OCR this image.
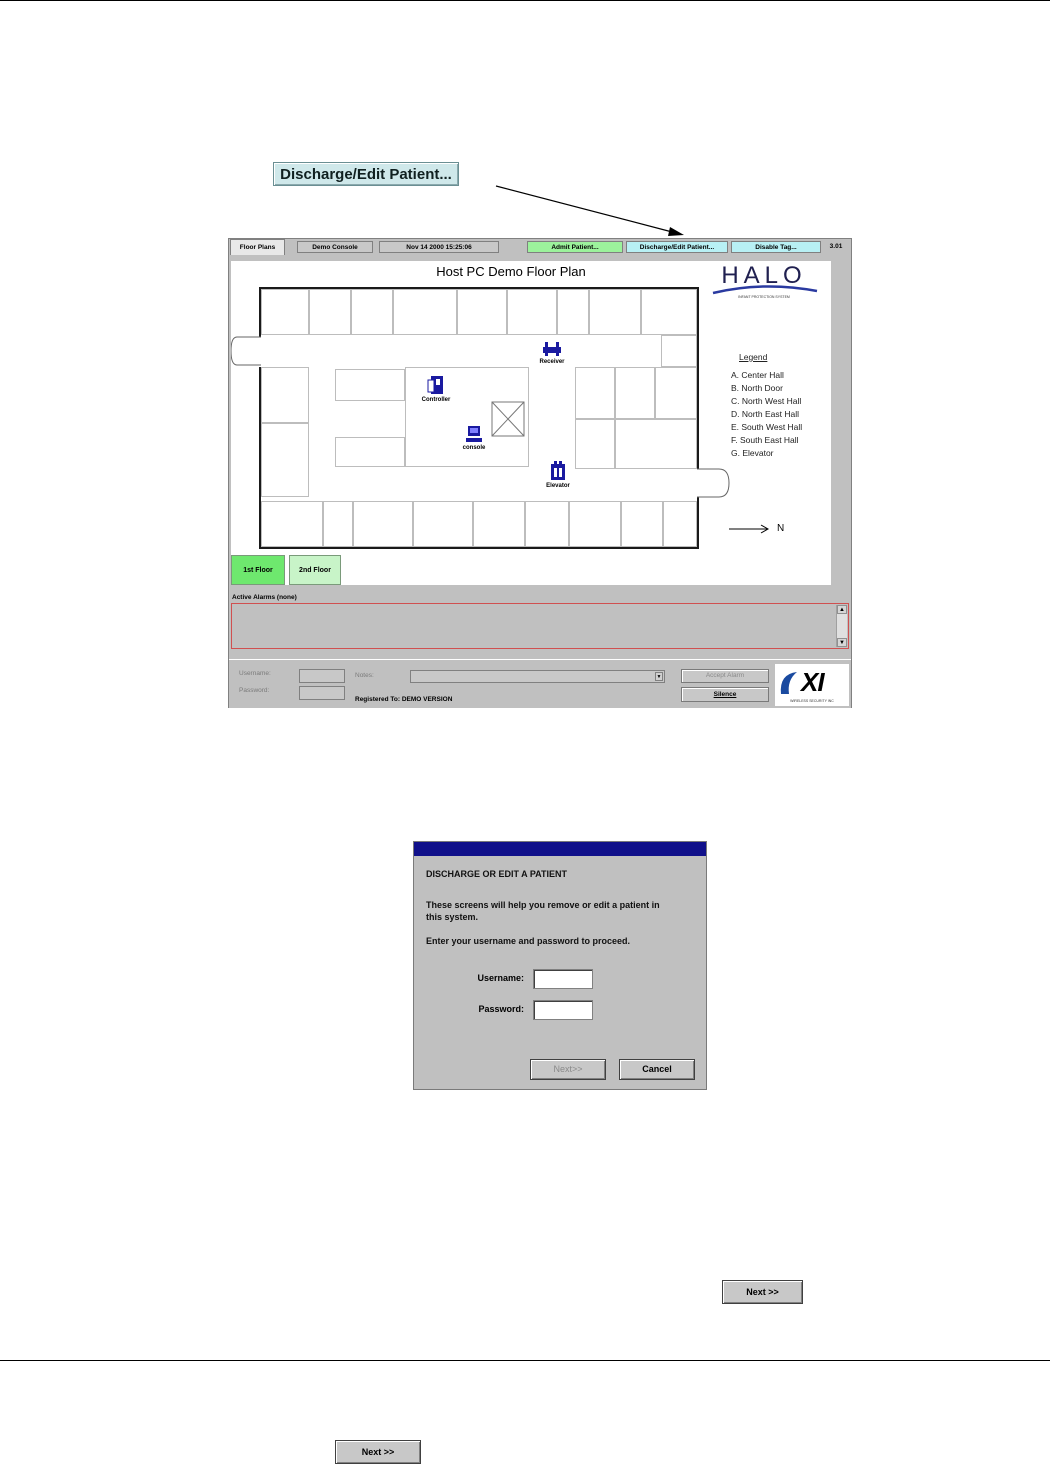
Discharge/Edit Patient...
Floor Plans	Demo Console	Nov 14 2000 15:25:06	Admit Patient...	Discharge/Edit Patient...	Disable Tag...	3.01
Host PC Demo Floor Plan	HALO
INFANT PROTECTION SYSTEM
Receiver
Controller
console
Elevator
Legend
A. Center Hall
B. North Door
C. North West Hall
D. North East Hall
E. South West Hall
F. South East Hall
G. Elevator
N
1st Floor	2nd Floor
Active Alarms (none)
▲
▼
Username:
Password:
Notes:	▼
Registered To: DEMO VERSION
Accept Alarm
Silence	XI
WIRELESS SECURITY INC
DISCHARGE OR EDIT A PATIENT
These screens will help you remove or edit a patient in
this system.
Enter your username and password to proceed.
Username:
Password:
Next>>	Cancel
Next >>
Next >>
